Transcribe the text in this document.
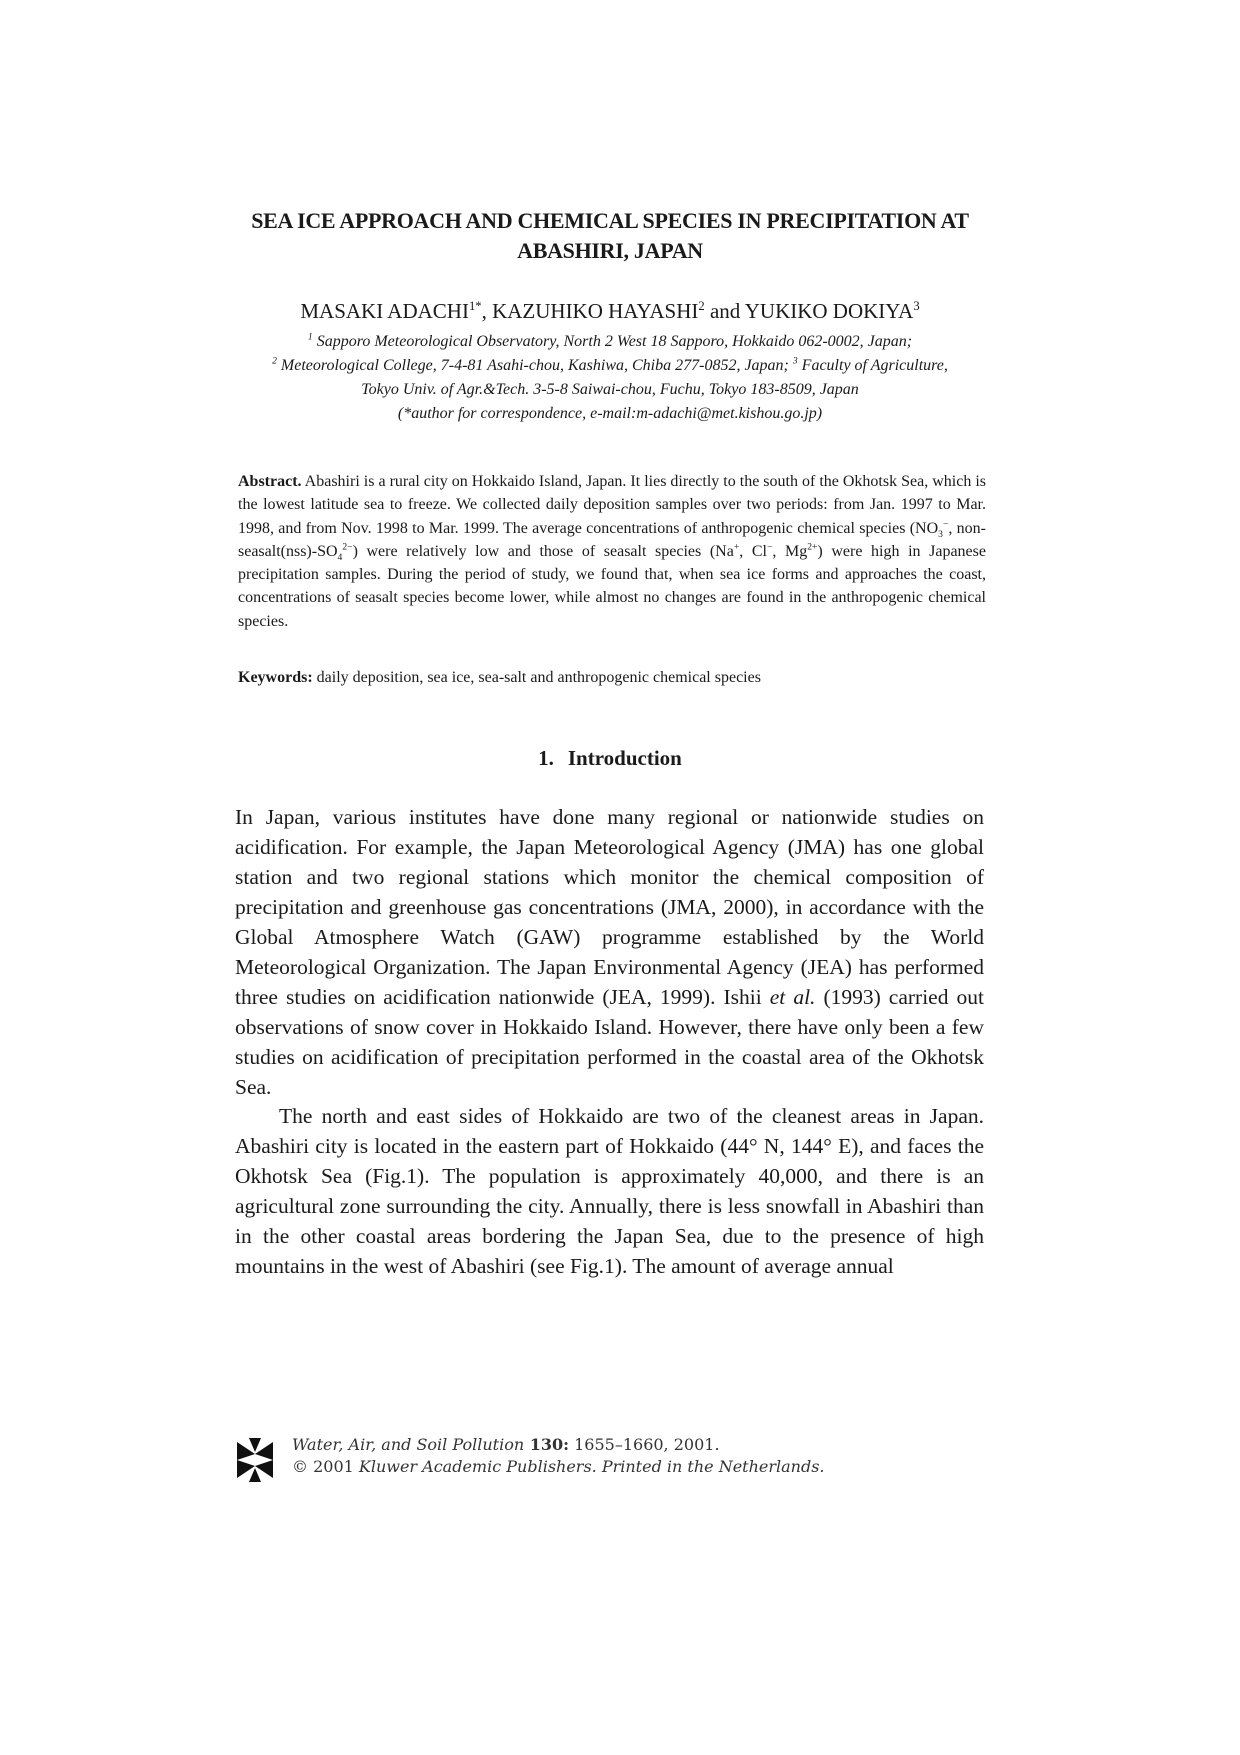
SEA ICE APPROACH AND CHEMICAL SPECIES IN PRECIPITATION AT
ABASHIRI, JAPAN
MASAKI $ADACHI^{1*}$, KAZUHIKO HAYASHI$^2$ and YUKIKO DOKIYA$^3$
$^1$ Sapporo Meteorological Observatory, North 2 West 18 Sapporo, Hokkaido 062-0002, Japan;
$^2$ Meteorological College, 7-4-81 Asahi-chou, Kashiwa, Chiba 277-0852, Japan; $^3$ Faculty of Agriculture,
Tokyo Univ. of Agr.&Tech. 3-5-8 Saiwai-chou, Fuchu, Tokyo 183-8509, Japan
(*author for correspondence, e-mail:m-adachi@met.kishou.go.jp)
Abstract. Abashiri is a rural city on Hokkaido Island, Japan. It lies directly to the south of the Okhotsk Sea, which is the lowest latitude sea to freeze. We collected daily deposition samples over two periods: from Jan. 1997 to Mar. 1998, and from Nov. 1998 to Mar. 1999. The average concentrations of anthropogenic chemical species ($NO_3^-$, non-$seasalt(nss)-SO_4^{2-}$) were relatively low and those of seasalt species (Na+, Cl−, $Mg^{2+}$) were high in Japanese precipitation samples. During the period of study, we found that, when sea ice forms and approaches the coast, concentrations of seasalt species become lower, while almost no changes are found in the anthropogenic chemical species.
Keywords: daily deposition, sea ice, sea-salt and anthropogenic chemical species
1. Introduction
In Japan, various institutes have done many regional or nationwide studies on acidification. For example, the Japan Meteorological Agency (JMA) has one global station and two regional stations which monitor the chemical composition of precipitation and greenhouse gas concentrations (JMA, 2000), in accordance with the Global Atmosphere Watch (GAW) programme established by the World Meteorological Organization. The Japan Environmental Agency (JEA) has performed three studies on acidification nationwide (JEA, 1999). Ishii et al. (1993) carried out observations of snow cover in Hokkaido Island. However, there have only been a few studies on acidification of precipitation performed in the coastal area of the Okhotsk Sea.
The north and east sides of Hokkaido are two of the cleanest areas in Japan. Abashiri city is located in the eastern part of Hokkaido (44° N, 144° E), and faces the Okhotsk Sea (Fig.1). The population is approximately 40,000, and there is an agricultural zone surrounding the city. Annually, there is less snowfall in Abashiri than in the other coastal areas bordering the Japan Sea, due to the presence of high mountains in the west of Abashiri (see Fig.1). The amount of average annual
Water, Air, and Soil Pollution 130: 1655–1660, 2001.
© 2001 Kluwer Academic Publishers. Printed in the Netherlands.
